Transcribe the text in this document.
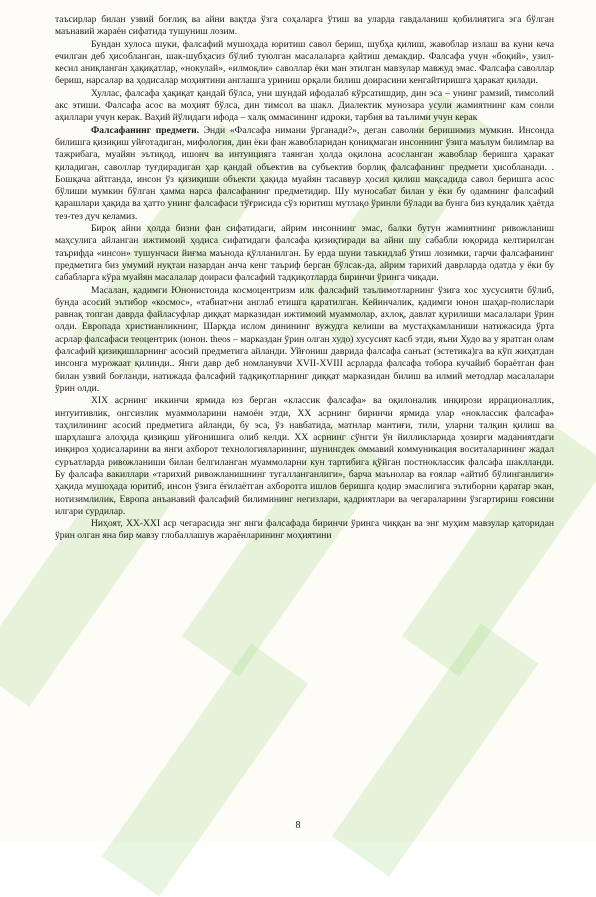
таъсирлар билан узвий боғлиқ ва айни вақтда ўзга соҳаларга ўтиш ва уларда гавдаланиш қобилиятига эга бўлган маънавий жараён сифатида тушуниш лозим.

Бундан хулоса шуки, фалсафий мушоҳада юритиш савол бериш, шубҳа қилиш, жавоблар излаш ва куни кеча ечилган деб ҳисобланган, шак-шубҳасиз бўлиб туюлган масалаларга қайтиш демакдир. Фалсафа учун «боқий», узил-кесил аниқланган ҳақиқатлар, «нокулай», «илмоқли» саволлар ёки ман этилган мавзулар мавжуд эмас. Фалсафа саволлар бериш, нарсалар ва ҳодисалар моҳиятини англашга уриниш орқали билиш доирасини кенгайтиришга ҳаракат қилади.

Хуллас, фалсафа ҳақиқат қандай бўлса, уни шундай ифодалаб кўрсатишдир, дин эса – унинг рамзий, тимсолий акс этиши. Фалсафа асос ва моҳият бўлса, дин тимсол ва шакл. Диалектик мунозара усули жамиятнинг кам сонли аҳиллари учун керак. Ваҳий йўлидаги ифода – халқ оммасининг идроки, тарбия ва таълими учун керак

Фалсафанинг предмети. Энди «Фалсафа нимани ўрганади?», деган саволни беришимиз мумкин. Инсонда билишга қизиқиш уйғотадиган, мифология, дин ёки фан жавобларидан қониқмаган инсоннинг ўзига маълум билимлар ва тажрибага, муайян эътиқод, ишонч ва интуицияга таянган ҳолда оқилона асосланган жавоблар беришга ҳаракат қиладиган, саволлар туғдирадиган ҳар қандай объектив ва субъектив борлиқ фалсафанинг предмети ҳисобланади. . Бошқача айтганда, инсон ўз қизиқиши объекти ҳақида муайян тасаввур ҳосил қилиш мақсадида савол беришга асос бўлиши мумкин бўлган ҳамма нарса фалсафанинг предметидир. Шу муносабат билан у ёки бу одамнинг фалсафий қарашлари ҳақида ва ҳатто унинг фалсафаси тўғрисида сўз юритиш мутлақо ўринли бўлади ва бунга биз кундалик ҳаётда тез-тез дуч келамиз.

Бироқ айни ҳолда бизни фан сифатидаги, айрим инсоннинг эмас, балки бутун жамиятнинг ривожланиш маҳсулига айланган ижтимоий ҳодиса сифатидаги фалсафа қизиқтиради ва айни шу сабабли юқорида келтирилган таърифда «инсон» тушунчаси йиғма маънода қўлланилган. Бу ерда шуни таъкидлаб ўтиш лозимки, гарчи фалсафанинг предметига биз умумий нуқтаи назардан анча кенг таъриф берган бўлсак-да, айрим тарихий даврларда одатда у ёки бу сабабларга кўра муайян масалалар доираси фалсафий тадқиқотларда биринчи ўринга чиқади.

Масалан, қадимги Юнонистонда космоцентризм илк фалсафий таълимотларнинг ўзига хос хусусияти бўлиб, бунда асосий эътибор «космос», «табиат»ни англаб етишга қаратилган. Кейинчалик, қадимги юнон шаҳар-полислари равнақ топган даврда файласуфлар диққат марказидан ижтимоий муаммолар, ахлоқ, давлат қурилиши масалалари ўрин олди. Европада христианликнинг, Шарқда ислом динининг вужудга келиши ва мустаҳкамланиши натижасида ўрта асрлар фалсафаси теоцентрик (юнон. theos – марказдан ўрин олган худо) хусусият касб этди, яъни Худо ва у яратган олам фалсафий қизиқишларнинг асосий предметига айланди. Уйғониш даврида фалсафа санъат (эстетика)га ва кўп жиҳатдан инсонга мурожаат қилинди.. Янги давр деб номланувчи XVII-XVIII асрларда фалсафа тобора кучайиб бораётган фан билан узвий боғланди, натижада фалсафий тадқиқотларнинг диққат марказидан билиш ва илмий методлар масалалари ўрин олди.

XIX асрнинг иккинчи ярмида юз берган «классик фалсафа» ва оқилоналик инқирози иррационаллик, интуитивлик, онгсизлик муаммоларини намоён этди, XX асрнинг биринчи ярмида улар «ноклассик фалсафа» таҳлилининг асосий предметига айланди, бу эса, ўз навбатида, матнлар мантиғи, тили, уларни талқин қилиш ва шарҳлашга алоҳида қизиқиш уйғонишига олиб келди. XX асрнинг сўнгги ўн йилликларида ҳозирги маданиятдаги инқироз ҳодисаларини ва янги ахборот технологияларининг, шунингдек оммавий коммуникация воситаларининг жадал суръатларда ривожланиши билан белгиланган муаммоларни кун тартибига қўйган постноклассик фалсафа шаклланди. Бу фалсафа вакиллари «тарихий ривожланишнинг тугалланганлиги», барча маънолар ва ғоялар «айтиб бўлинганлиги» ҳақида мушоҳада юритиб, инсон ўзига ёғилаётган ахборотга ишлов беришга қодир эмаслигига эътиборни қаратар экан, нотизимлилик, Европа анъанавий фалсафий билимининг негизлари, қадриятлари ва чегараларини ўзгартириш ғоясини илгари сурдилар.

Ниҳоят, XX-XXI аср чегарасида энг янги фалсафада биринчи ўринга чиққан ва энг муҳим мавзулар қаторидан ўрин олган яна бир мавзу глобаллашув жараёнларининг моҳиятини

8
